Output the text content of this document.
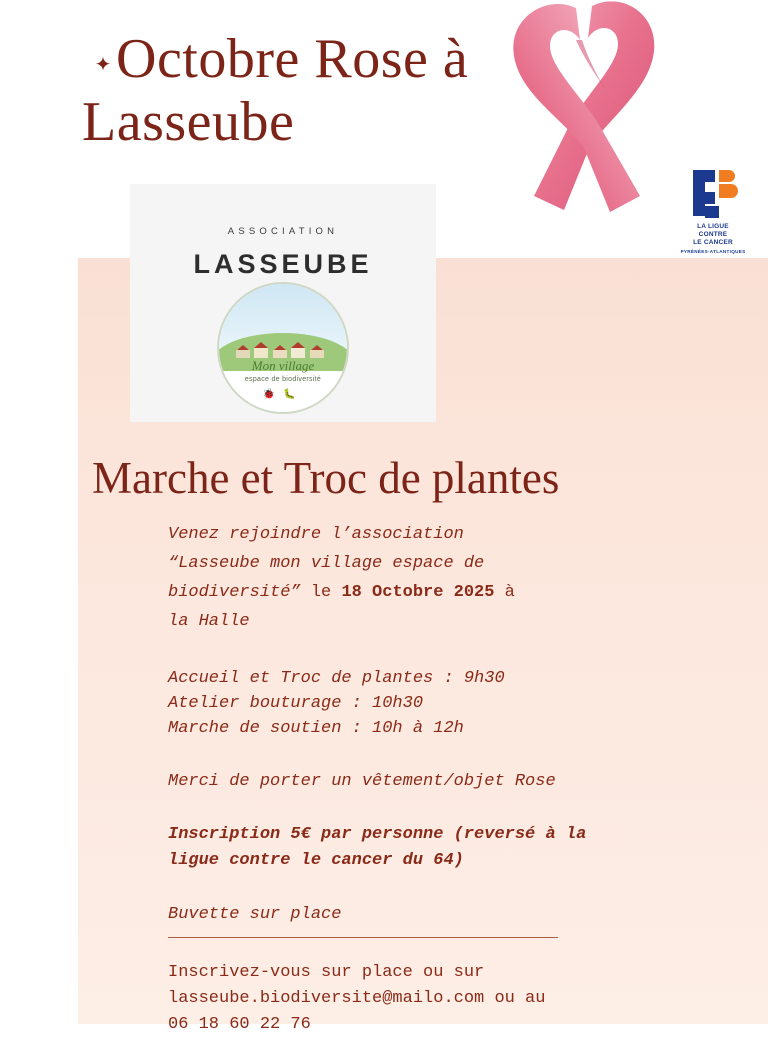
LA LIGUE
CONTRE
LE CANCER
PYRÉNÉES-ATLANTIQUES
✦ Octobre Rose à
Lasseube
ASSOCIATION
LASSEUBE
Mon village
espace de biodiversité
🐞🐛
Marche et Troc de plantes
Venez rejoindre l’association
“Lasseube mon village espace de
biodiversité” le 18 Octobre 2025 à
la Halle
Accueil et Troc de plantes : 9h30
Atelier bouturage : 10h30
Marche de soutien : 10h à 12h
Merci de porter un vêtement/objet Rose
Inscription 5€ par personne (reversé à la
ligue contre le cancer du 64)
Buvette sur place
Inscrivez-vous sur place ou sur
lasseube.biodiversite@mailo.com ou au
06 18 60 22 76
